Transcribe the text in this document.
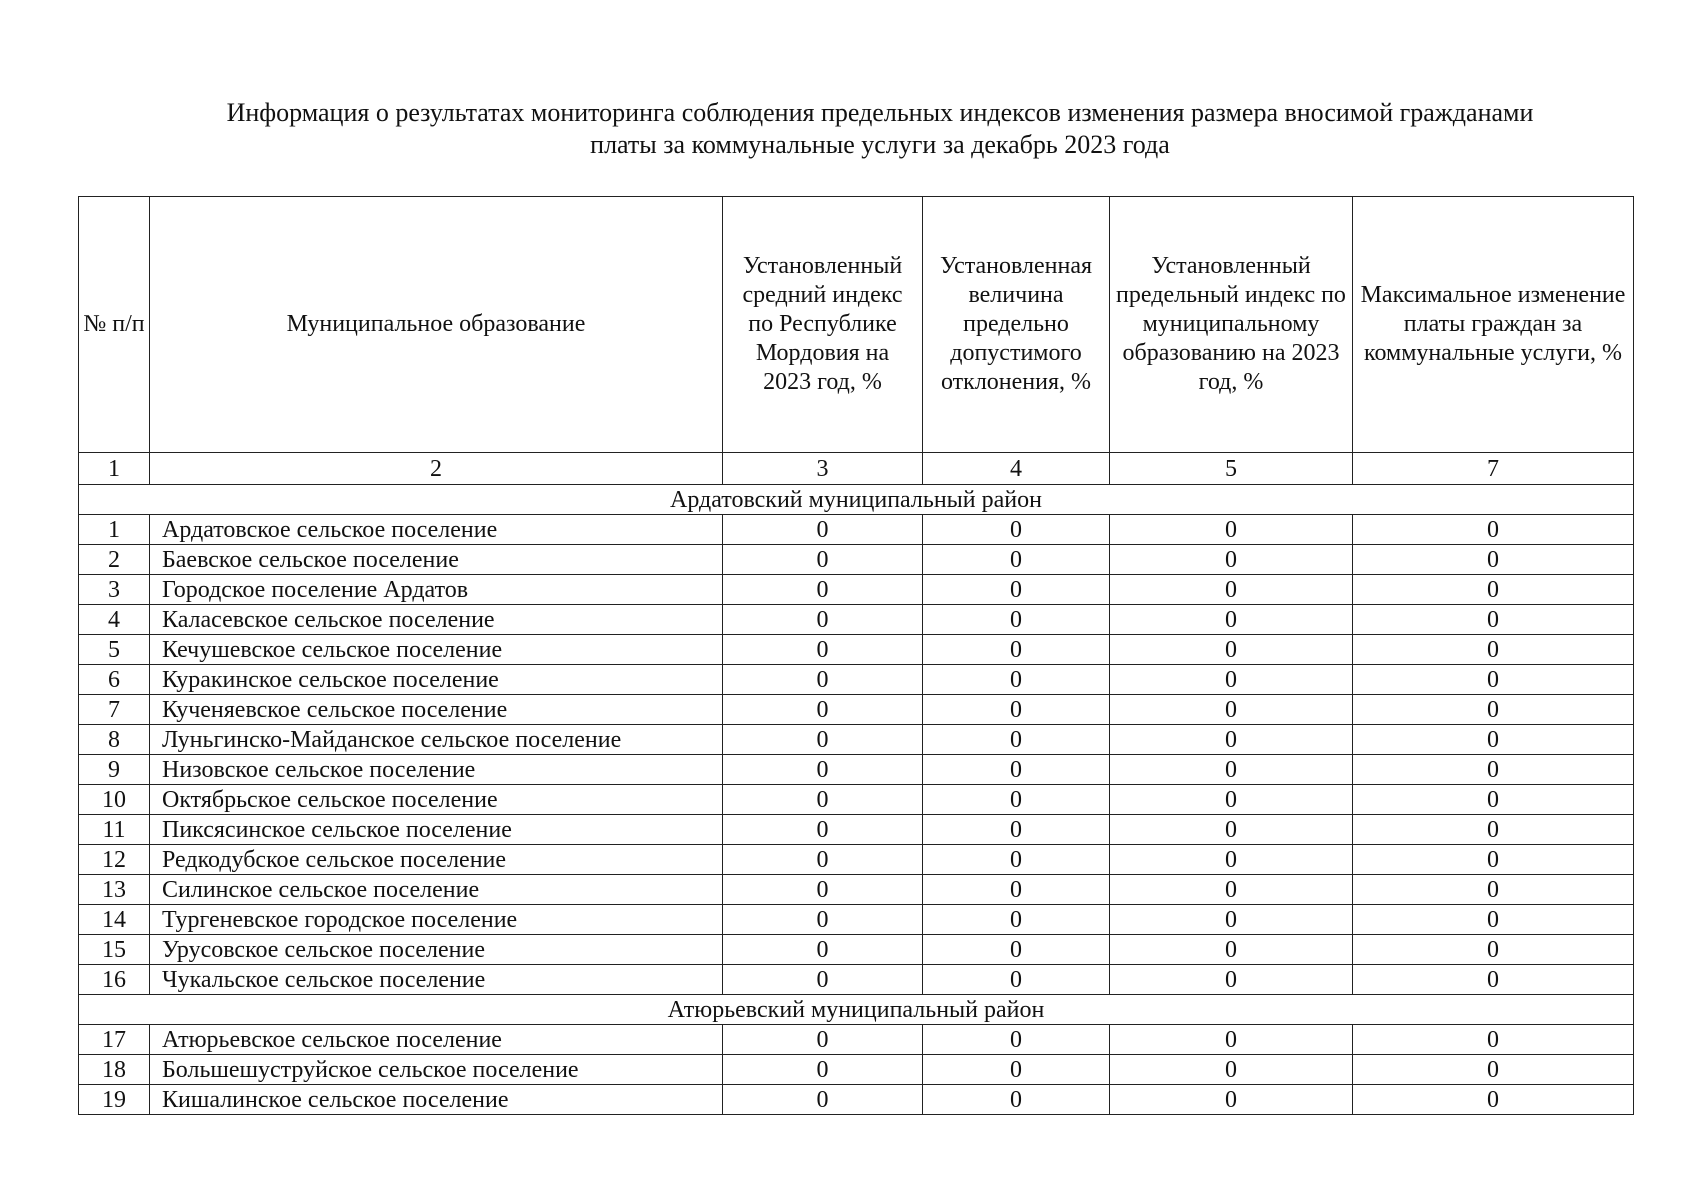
Информация о результатах мониторинга соблюдения предельных индексов изменения размера вносимой гражданами
платы за коммунальные услуги за декабрь 2023 года
№ п/п	Муниципальное образование	Установленный средний индекс по Республике Мордовия на 2023 год, %	Установленная величина предельно допустимого отклонения, %	Установленный предельный индекс по муниципальному образованию на 2023 год, %	Максимальное изменение платы граждан за коммунальные услуги, %
1	2	3	4	5	7
Ардатовский муниципальный район					
1	Ардатовское сельское поселение	0	0	0	0
2	Баевское сельское поселение	0	0	0	0
3	Городское поселение Ардатов	0	0	0	0
4	Каласевское сельское поселение	0	0	0	0
5	Кечушевское сельское поселение	0	0	0	0
6	Куракинское сельское поселение	0	0	0	0
7	Кученяевское сельское поселение	0	0	0	0
8	Луньгинско-Майданское сельское поселение	0	0	0	0
9	Низовское сельское поселение	0	0	0	0
10	Октябрьское сельское поселение	0	0	0	0
11	Пиксясинское сельское поселение	0	0	0	0
12	Редкодубское сельское поселение	0	0	0	0
13	Силинское сельское поселение	0	0	0	0
14	Тургеневское городское поселение	0	0	0	0
15	Урусовское сельское поселение	0	0	0	0
16	Чукальское сельское поселение	0	0	0	0
Атюрьевский муниципальный район					
17	Атюрьевское сельское поселение	0	0	0	0
18	Большешуструйское сельское поселение	0	0	0	0
19	Кишалинское сельское поселение	0	0	0	0
